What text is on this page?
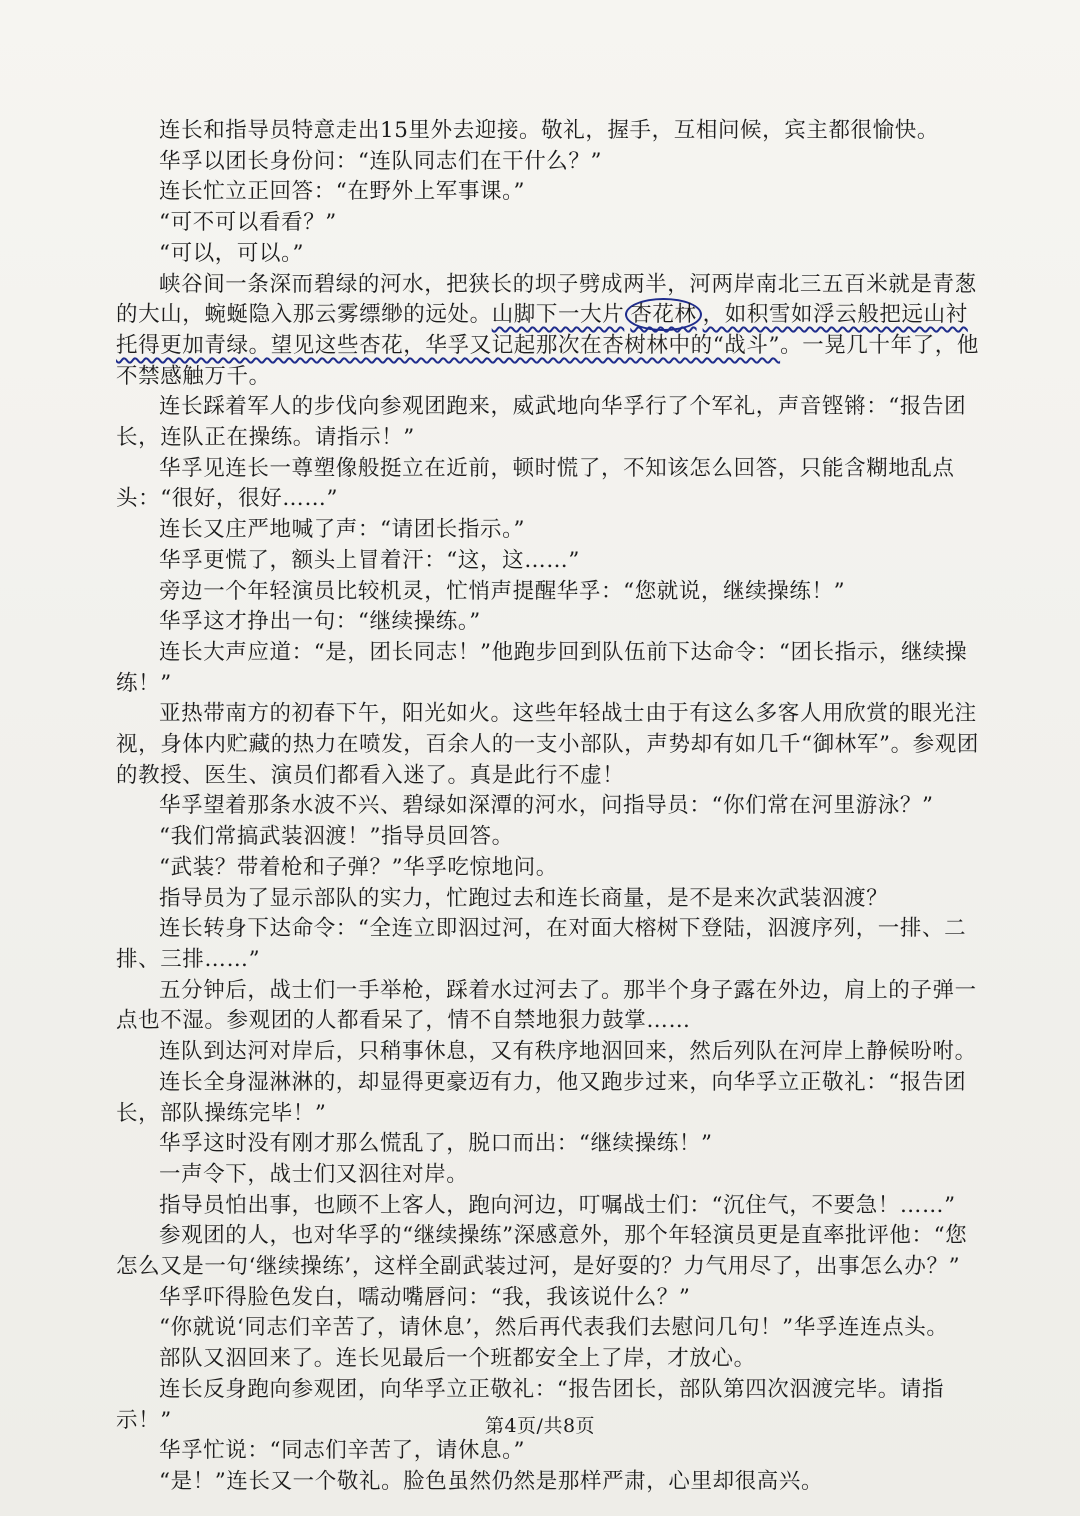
连长和指导员特意走出15里外去迎接。敬礼，握手，互相问候，宾主都很愉快。

华孚以团长身份问：“连队同志们在干什么？”

连长忙立正回答：“在野外上军事课。”

“可不可以看看？”

“可以，可以。”

峡谷间一条深而碧绿的河水，把狭长的坝子劈成两半，河两岸南北三五百米就是青葱的大山，蜿蜒隐入那云雾缥缈的远处。山脚下一大片 杏花林 ，如积雪如浮云般把远山衬托得更加青绿。望见这些杏花，华孚又记起那次在杏树林中的“战斗”。一晃几十年了，他不禁感触万千。

连长踩着军人的步伐向参观团跑来，威武地向华孚行了个军礼，声音铿锵：“报告团长，连队正在操练。请指示！”

华孚见连长一尊塑像般挺立在近前，顿时慌了，不知该怎么回答，只能含糊地乱点头：“很好，很好……”

连长又庄严地喊了声：“请团长指示。”

华孚更慌了，额头上冒着汗：“这，这……”

旁边一个年轻演员比较机灵，忙悄声提醒华孚：“您就说，继续操练！”

华孚这才挣出一句：“继续操练。”

连长大声应道：“是，团长同志！”他跑步回到队伍前下达命令：“团长指示，继续操练！”

亚热带南方的初春下午，阳光如火。这些年轻战士由于有这么多客人用欣赏的眼光注视，身体内贮藏的热力在喷发，百余人的一支小部队，声势却有如几千“御林军”。参观团的教授、医生、演员们都看入迷了。真是此行不虚！

华孚望着那条水波不兴、碧绿如深潭的河水，问指导员：“你们常在河里游泳？”

“我们常搞武装泅渡！”指导员回答。

“武装？带着枪和子弹？”华孚吃惊地问。

指导员为了显示部队的实力，忙跑过去和连长商量，是不是来次武装泅渡？

连长转身下达命令：“全连立即泅过河，在对面大榕树下登陆，泅渡序列，一排、二排、三排……”

五分钟后，战士们一手举枪，踩着水过河去了。那半个身子露在外边，肩上的子弹一点也不湿。参观团的人都看呆了，情不自禁地狠力鼓掌……

连队到达河对岸后，只稍事休息，又有秩序地泅回来，然后列队在河岸上静候吩咐。

连长全身湿淋淋的，却显得更豪迈有力，他又跑步过来，向华孚立正敬礼：“报告团长，部队操练完毕！”

华孚这时没有刚才那么慌乱了，脱口而出：“继续操练！”

一声令下，战士们又泅往对岸。

指导员怕出事，也顾不上客人，跑向河边，叮嘱战士们：“沉住气，不要急！……”

参观团的人，也对华孚的“继续操练”深感意外，那个年轻演员更是直率批评他：“您怎么又是一句‘继续操练’，这样全副武装过河，是好耍的？力气用尽了，出事怎么办？”

华孚吓得脸色发白，嚅动嘴唇问：“我，我该说什么？”

“你就说‘同志们辛苦了，请休息’，然后再代表我们去慰问几句！”华孚连连点头。

部队又泅回来了。连长见最后一个班都安全上了岸，才放心。

连长反身跑向参观团，向华孚立正敬礼：“报告团长，部队第四次泅渡完毕。请指示！”

华孚忙说：“同志们辛苦了，请休息。”

“是！”连长又一个敬礼。脸色虽然仍然是那样严肃，心里却很高兴。

第4页/共8页
